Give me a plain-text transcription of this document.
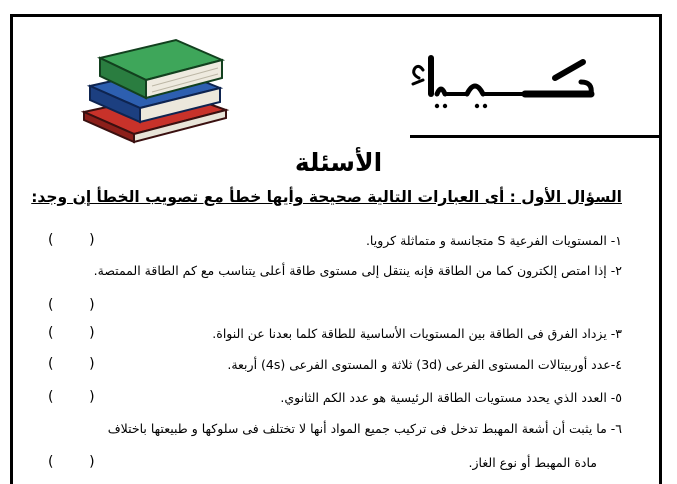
الأسئلة
السؤال الأول : أى العبارات التالية صحيحة وأيها خطأ مع تصويب الخطأ إن وجد:
١- المستويات الفرعية S متجانسة و متماثلة كرويا.
(        )
٢- إذا امتص إلكترون كما من الطاقة فإنه ينتقل إلى مستوى طاقة أعلى يتناسب مع كم الطاقة الممتصة.
(        )
٣- يزداد الفرق فى الطاقة بين المستويات الأساسية للطاقة كلما بعدنا عن النواة.
(        )
٤-عدد أوربيتالات المستوى الفرعى (3d) ثلاثة و المستوى الفرعى (4s) أربعة.
(        )
٥- العدد الذي يحدد مستويات الطاقة الرئيسية هو عدد الكم الثانوي.
(        )
٦- ما يثبت أن أشعة المهبط تدخل فى تركيب جميع المواد أنها لا تختلف فى سلوكها و طبيعتها باختلاف
مادة المهبط أو نوع الغاز.
(        )
